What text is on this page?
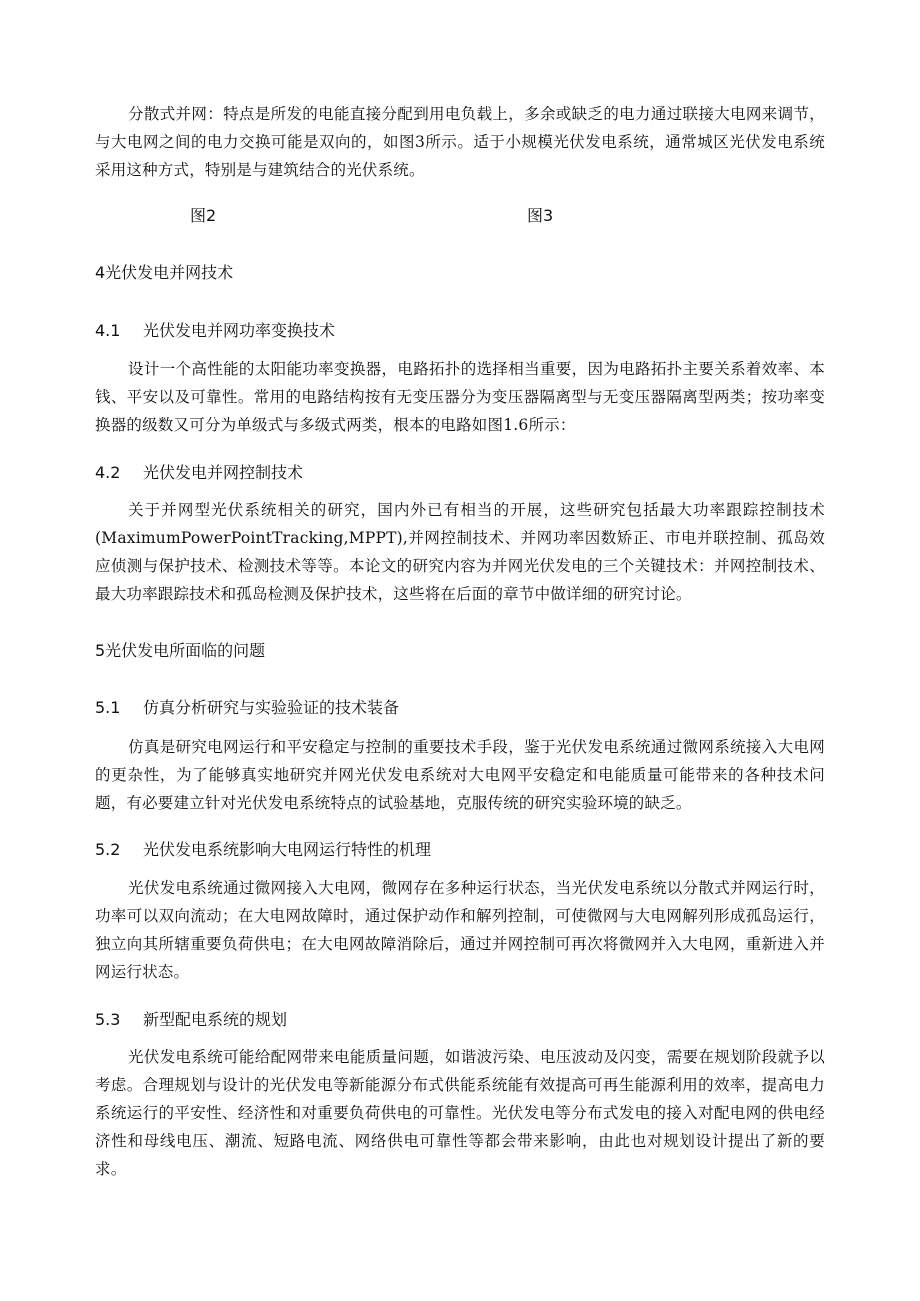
分散式并网：特点是所发的电能直接分配到用电负载上，多余或缺乏的电力通过联接大电网来调节，与大电网之间的电力交换可能是双向的，如图3所示。适于小规模光伏发电系统，通常城区光伏发电系统采用这种方式，特别是与建筑结合的光伏系统。

图2	图3

4光伏发电并网技术
4.1 光伏发电并网功率变换技术

设计一个高性能的太阳能功率变换器，电路拓扑的选择相当重要，因为电路拓扑主要关系着效率、本钱、平安以及可靠性。常用的电路结构按有无变压器分为变压器隔离型与无变压器隔离型两类；按功率变换器的级数又可分为单级式与多级式两类，根本的电路如图1.6所示：

4.2 光伏发电并网控制技术

关于并网型光伏系统相关的研究，国内外已有相当的开展，这些研究包括最大功率跟踪控制技术(MaximumPowerPointTracking,MPPT),并网控制技术、并网功率因数矫正、市电并联控制、孤岛效应侦测与保护技术、检测技术等等。本论文的研究内容为并网光伏发电的三个关键技术：并网控制技术、最大功率跟踪技术和孤岛检测及保护技术，这些将在后面的章节中做详细的研究讨论。

5光伏发电所面临的问题
5.1 仿真分析研究与实验验证的技术装备

仿真是研究电网运行和平安稳定与控制的重要技术手段，鉴于光伏发电系统通过微网系统接入大电网的更杂性，为了能够真实地研究并网光伏发电系统对大电网平安稳定和电能质量可能带来的各种技术问题，有必要建立针对光伏发电系统特点的试验基地，克服传统的研究实验环境的缺乏。

5.2 光伏发电系统影响大电网运行特性的机理

光伏发电系统通过微网接入大电网，微网存在多种运行状态，当光伏发电系统以分散式并网运行时，功率可以双向流动；在大电网故障时，通过保护动作和解列控制，可使微网与大电网解列形成孤岛运行，独立向其所辖重要负荷供电；在大电网故障消除后，通过并网控制可再次将微网并入大电网，重新进入并网运行状态。

5.3 新型配电系统的规划

光伏发电系统可能给配网带来电能质量问题，如谐波污染、电压波动及闪变，需要在规划阶段就予以考虑。合理规划与设计的光伏发电等新能源分布式供能系统能有效提高可再生能源利用的效率，提高电力系统运行的平安性、经济性和对重要负荷供电的可靠性。光伏发电等分布式发电的接入对配电网的供电经济性和母线电压、潮流、短路电流、网络供电可靠性等都会带来影响，由此也对规划设计提出了新的要求。
